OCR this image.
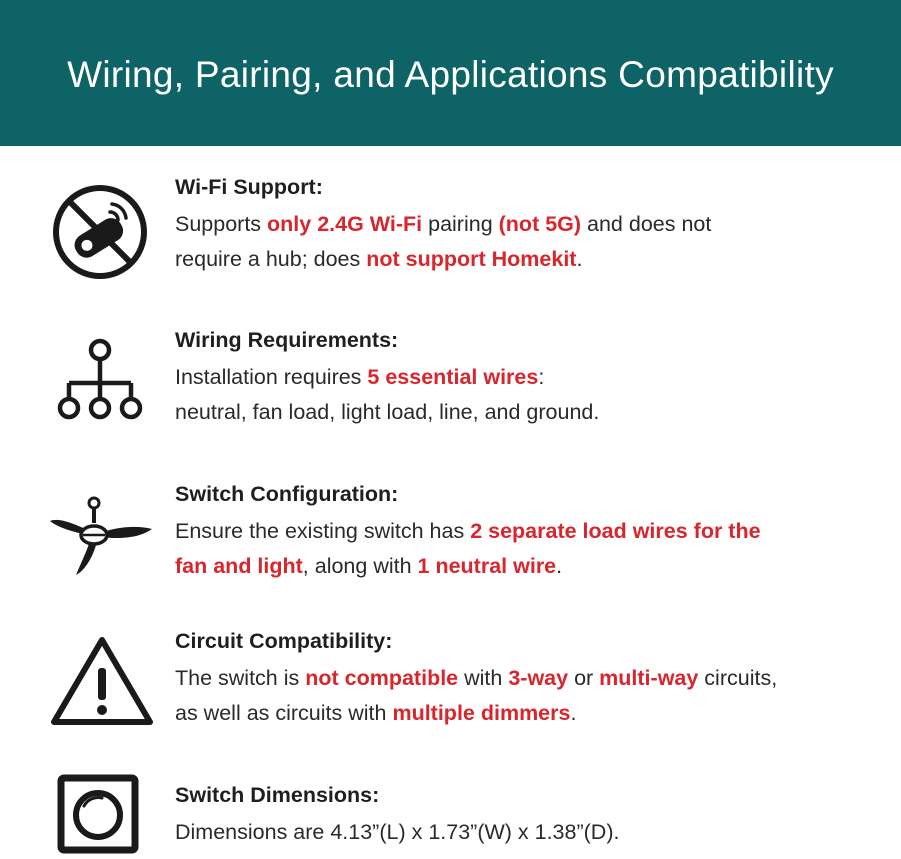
Wiring, Pairing, and Applications Compatibility

Wi-Fi Support:

Supports only 2.4G Wi-Fi pairing (not 5G) and does not

require a hub; does not support Homekit.

Wiring Requirements:

Installation requires 5 essential wires:

neutral, fan load, light load, line, and ground.

Switch Configuration:

Ensure the existing switch has 2 separate load wires for the

fan and light, along with 1 neutral wire.

Circuit Compatibility:

The switch is not compatible with 3-way or multi-way circuits,

as well as circuits with multiple dimmers.

Switch Dimensions:

Dimensions are 4.13”(L) x 1.73”(W) x 1.38”(D).
